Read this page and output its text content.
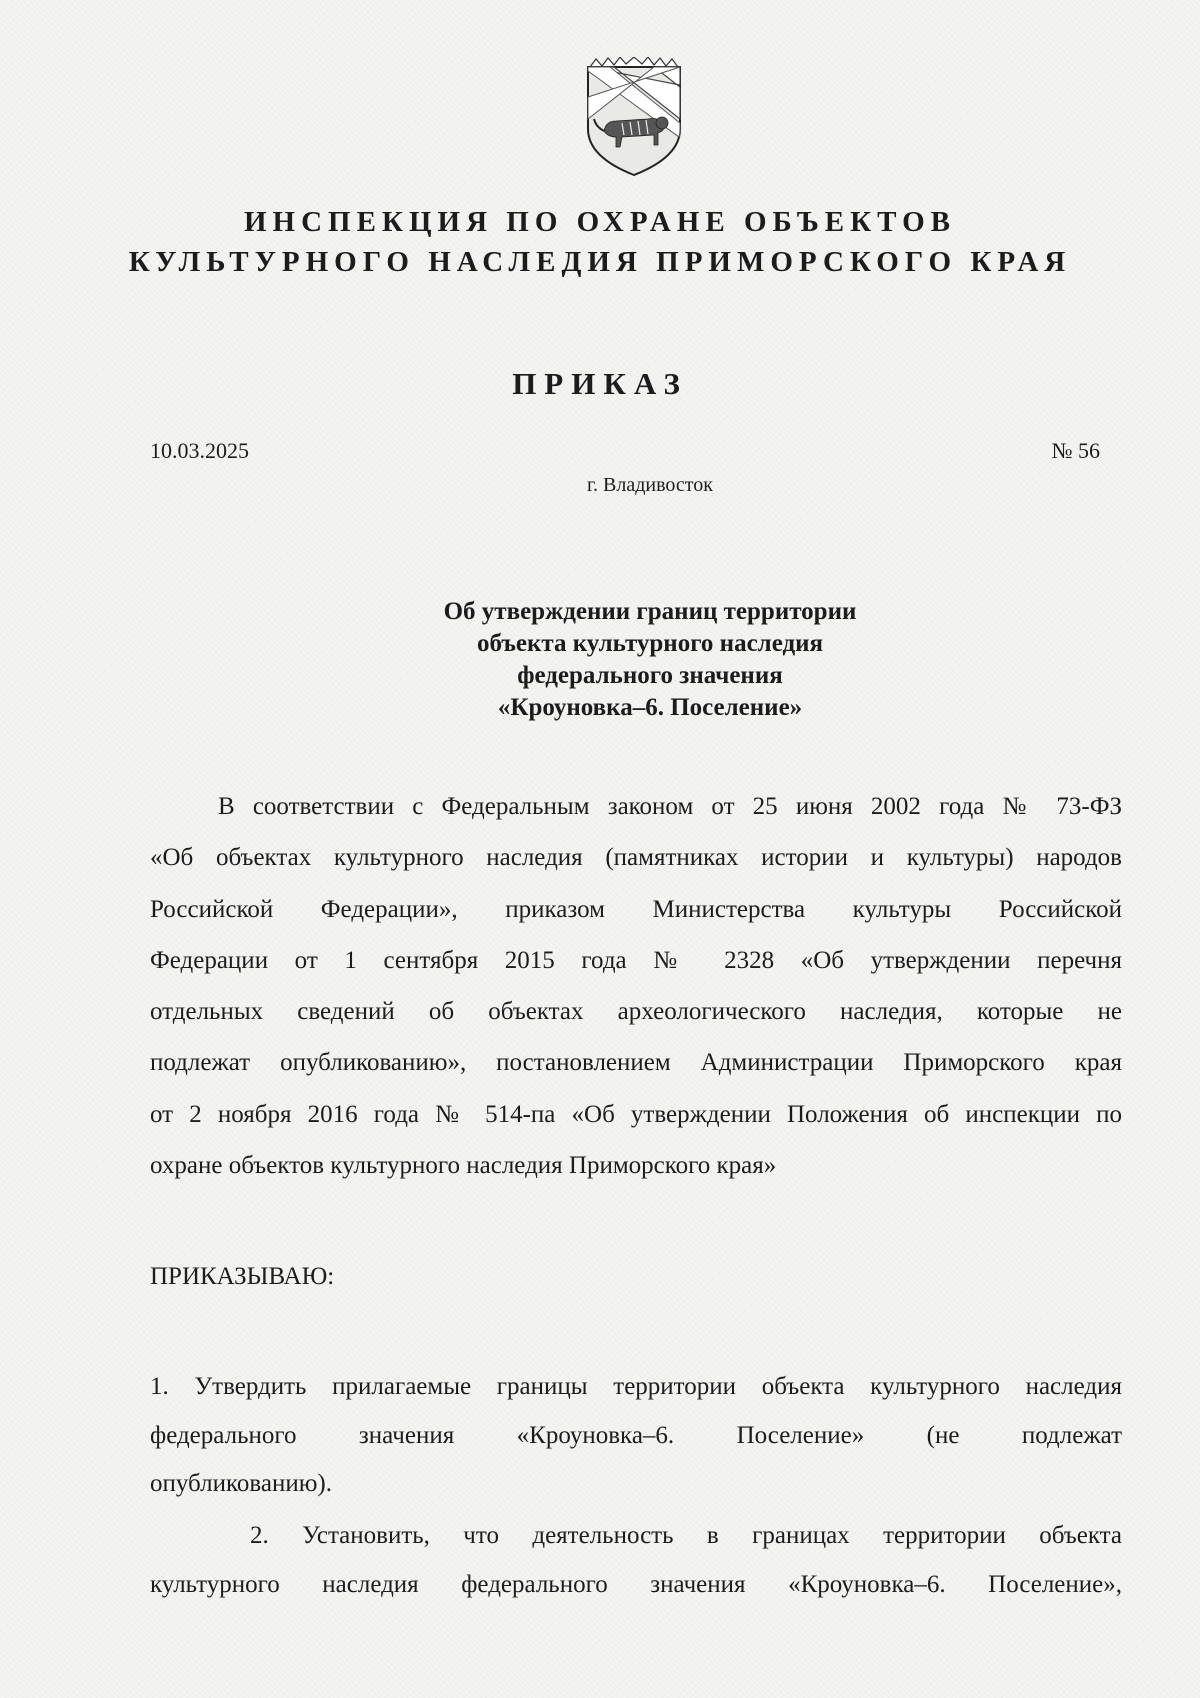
ИНСПЕКЦИЯ ПО ОХРАНЕ ОБЪЕКТОВ
КУЛЬТУРНОГО НАСЛЕДИЯ ПРИМОРСКОГО КРАЯ
ПРИКАЗ
10.03.2025	№ 56
г. Владивосток
Об утверждении границ территории
объекта культурного наследия
федерального значения
«Кроуновка–6. Поселение»
В соответствии с Федеральным законом от 25 июня 2002 года № 73-ФЗ
«Об объектах культурного наследия (памятниках истории и культуры) народов
Российской Федерации», приказом Министерства культуры Российской
Федерации от 1 сентября 2015 года № 2328 «Об утверждении перечня
отдельных сведений об объектах археологического наследия, которые не
подлежат опубликованию», постановлением Администрации Приморского края
от 2 ноября 2016 года № 514-па «Об утверждении Положения об инспекции по
охране объектов культурного наследия Приморского края»
ПРИКАЗЫВАЮ:
1. Утвердить прилагаемые границы территории объекта культурного наследия
федерального значения «Кроуновка–6. Поселение» (не подлежат
опубликованию).
2. Установить, что деятельность в границах территории объекта
культурного наследия федерального значения «Кроуновка–6. Поселение»,
